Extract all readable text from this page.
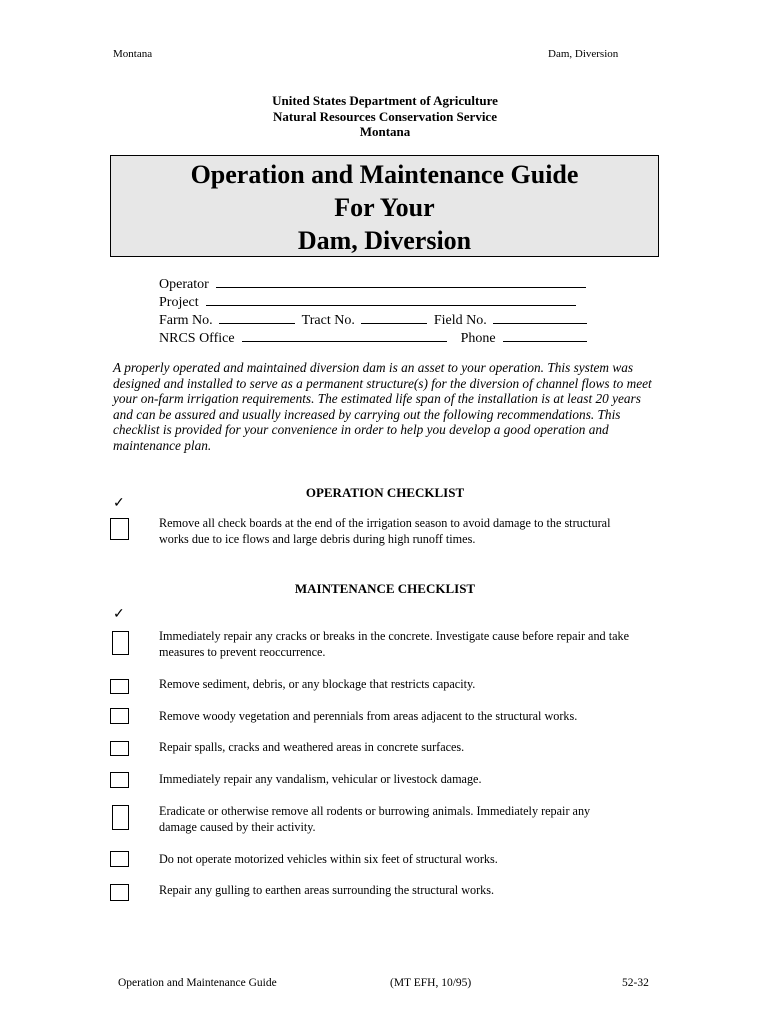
Montana	Dam, Diversion
United States Department of Agriculture
Natural Resources Conservation Service
Montana
Operation and Maintenance Guide
For Your
Dam, Diversion
Operator
Project
Farm No.	Tract No.	Field No.
NRCS Office	Phone
A properly operated and maintained diversion dam is an asset to your operation. This system was designed and installed to serve as a permanent structure(s) for the diversion of channel flows to meet your on-farm irrigation requirements. The estimated life span of the installation is at least 20 years and can be assured and usually increased by carrying out the following recommendations. This checklist is provided for your convenience in order to help you develop a good operation and maintenance plan.
OPERATION CHECKLIST
✓
Remove all check boards at the end of the irrigation season to avoid damage to the structural works due to ice flows and large debris during high runoff times.
MAINTENANCE CHECKLIST
✓
Immediately repair any cracks or breaks in the concrete. Investigate cause before repair and take measures to prevent reoccurrence.
Remove sediment, debris, or any blockage that restricts capacity.
Remove woody vegetation and perennials from areas adjacent to the structural works.
Repair spalls, cracks and weathered areas in concrete surfaces.
Immediately repair any vandalism, vehicular or livestock damage.
Eradicate or otherwise remove all rodents or burrowing animals. Immediately repair any damage caused by their activity.
Do not operate motorized vehicles within six feet of structural works.
Repair any gulling to earthen areas surrounding the structural works.
Operation and Maintenance Guide	(MT EFH, 10/95)	52-32
